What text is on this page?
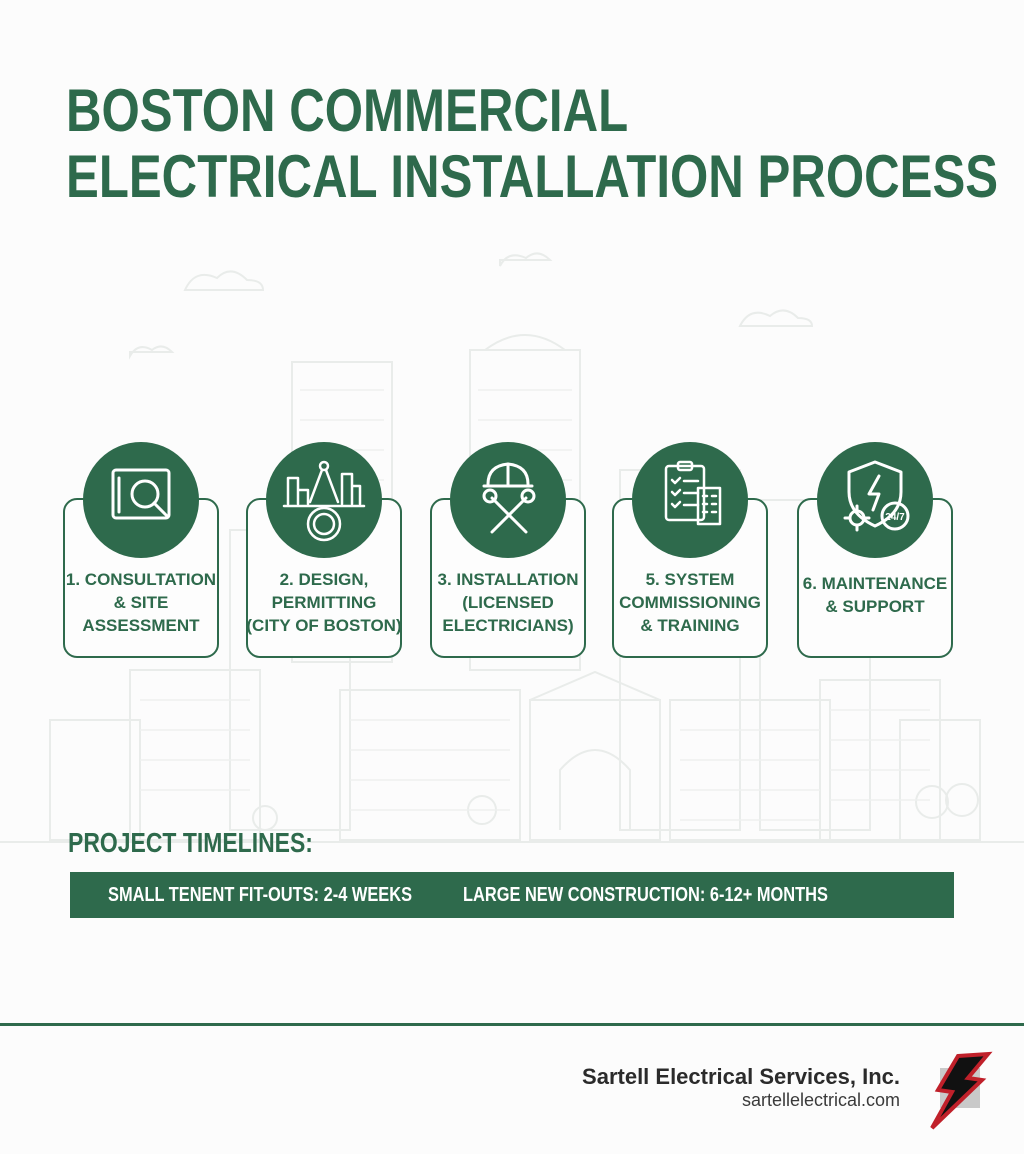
BOSTON COMMERCIAL
ELECTRICAL INSTALLATION PROCESS
1. CONSULTATION
& SITE
ASSESSMENT
2. DESIGN,
PERMITTING
(CITY OF BOSTON)
3. INSTALLATION
(LICENSED
ELECTRICIANS)
5. SYSTEM
COMMISSIONING
& TRAINING
24/7
6. MAINTENANCE
& SUPPORT
PROJECT TIMELINES:
SMALL TENENT FIT-OUTS: 2-4 WEEKS	LARGE NEW CONSTRUCTION: 6-12+ MONTHS
Sartell Electrical Services, Inc.
sartellelectrical.com
